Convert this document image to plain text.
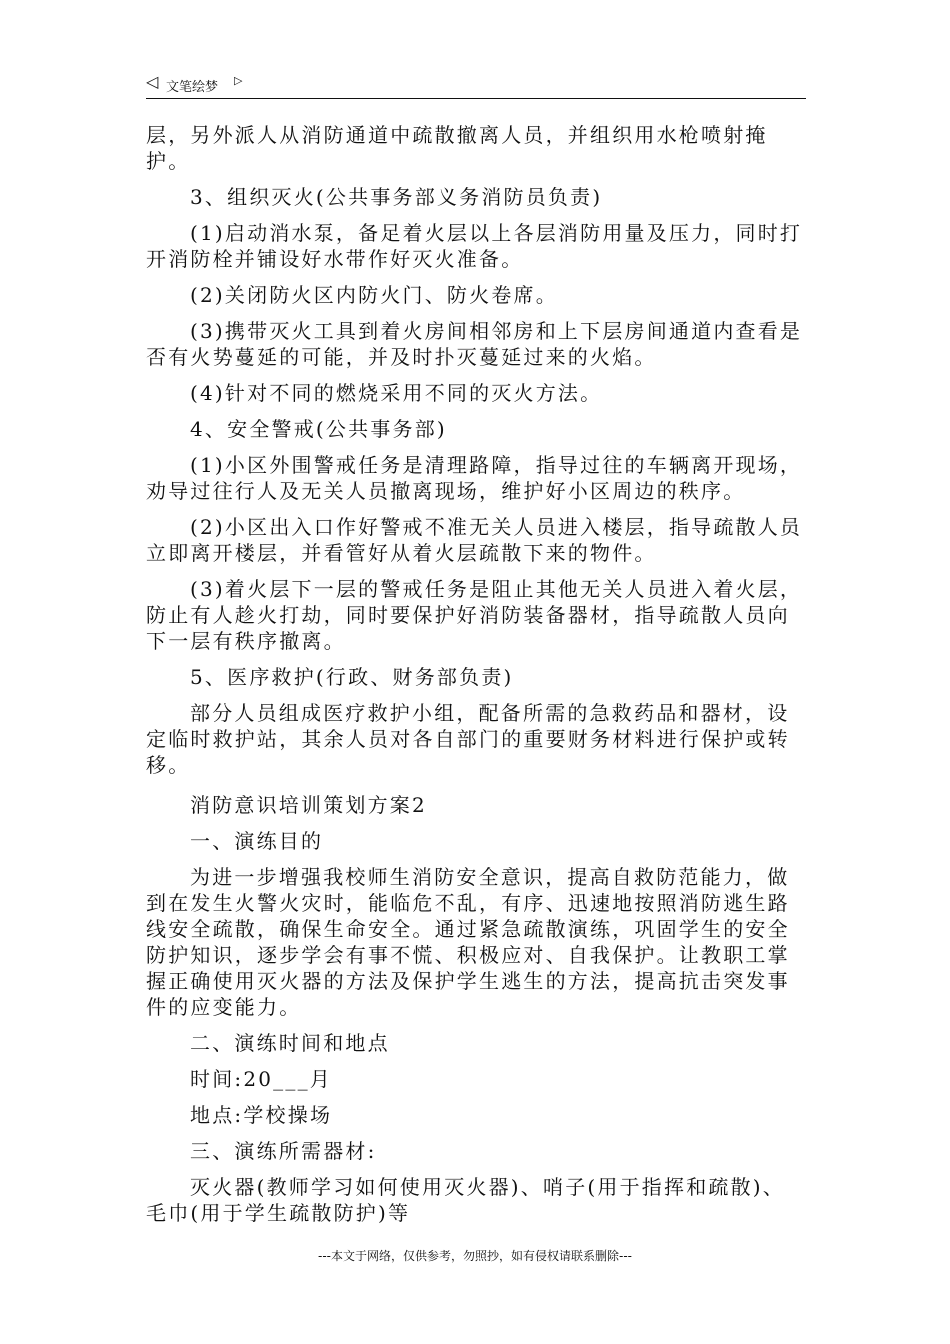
◁ 文笔绘梦 ▷

层，另外派人从消防通道中疏散撤离人员，并组织用水枪喷射掩护。

3、组织灭火(公共事务部义务消防员负责)

(1)启动消水泵，备足着火层以上各层消防用量及压力，同时打开消防栓并铺设好水带作好灭火准备。

(2)关闭防火区内防火门、防火卷席。

(3)携带灭火工具到着火房间相邻房和上下层房间通道内查看是否有火势蔓延的可能，并及时扑灭蔓延过来的火焰。

(4)针对不同的燃烧采用不同的灭火方法。

4、安全警戒(公共事务部)

(1)小区外围警戒任务是清理路障，指导过往的车辆离开现场，劝导过往行人及无关人员撤离现场，维护好小区周边的秩序。

(2)小区出入口作好警戒不准无关人员进入楼层，指导疏散人员立即离开楼层，并看管好从着火层疏散下来的物件。

(3)着火层下一层的警戒任务是阻止其他无关人员进入着火层，防止有人趁火打劫，同时要保护好消防装备器材，指导疏散人员向下一层有秩序撤离。

5、医序救护(行政、财务部负责)

部分人员组成医疗救护小组，配备所需的急救药品和器材，设定临时救护站，其余人员对各自部门的重要财务材料进行保护或转移。

消防意识培训策划方案2

一、演练目的

为进一步增强我校师生消防安全意识，提高自救防范能力，做到在发生火警火灾时，能临危不乱，有序、迅速地按照消防逃生路线安全疏散，确保生命安全。通过紧急疏散演练，巩固学生的安全防护知识，逐步学会有事不慌、积极应对、自我保护。让教职工掌握正确使用灭火器的方法及保护学生逃生的方法，提高抗击突发事件的应变能力。

二、演练时间和地点

时间:20___月

地点:学校操场

三、演练所需器材:

灭火器(教师学习如何使用灭火器)、哨子(用于指挥和疏散)、毛巾(用于学生疏散防护)等

---本文于网络，仅供参考，勿照抄，如有侵权请联系删除---
